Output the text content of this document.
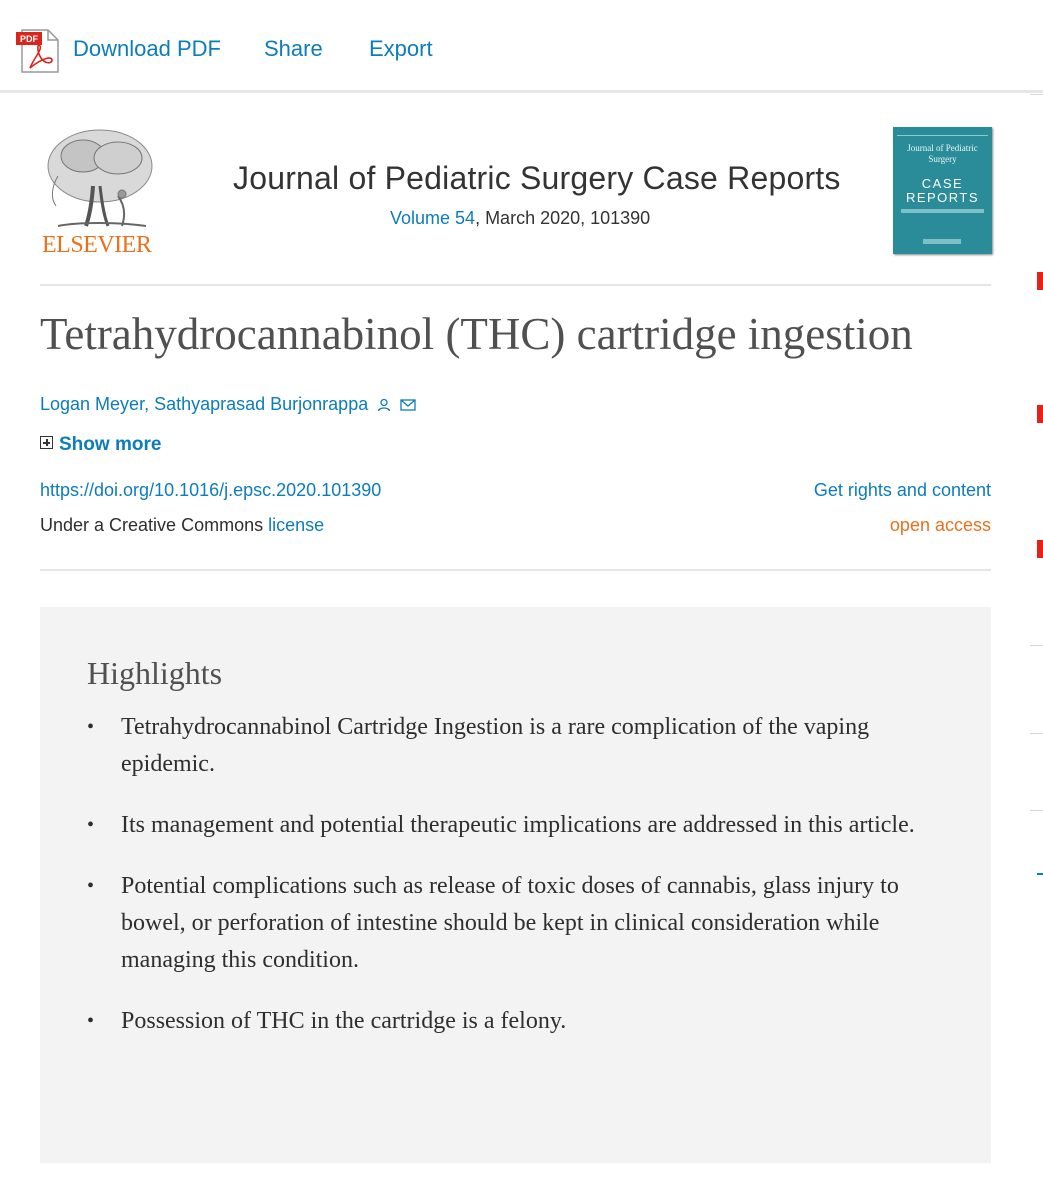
PDF Download PDF Share Export
ELSEVIER
Journal of Pediatric Surgery Case Reports
Volume 54, March 2020, 101390
Journal of Pediatric Surgery
CASE REPORTS
Tetrahydrocannabinol (THC) cartridge ingestion
Logan Meyer, Sathyaprasad Burjonrappa
Show more
https://doi.org/10.1016/j.epsc.2020.101390	Get rights and content
Under a Creative Commons license	open access
Highlights
• Tetrahydrocannabinol Cartridge Ingestion is a rare complication of the vaping epidemic.
• Its management and potential therapeutic implications are addressed in this article.
• Potential complications such as release of toxic doses of cannabis, glass injury to bowel, or perforation of intestine should be kept in clinical consideration while managing this condition.
• Possession of THC in the cartridge is a felony.
